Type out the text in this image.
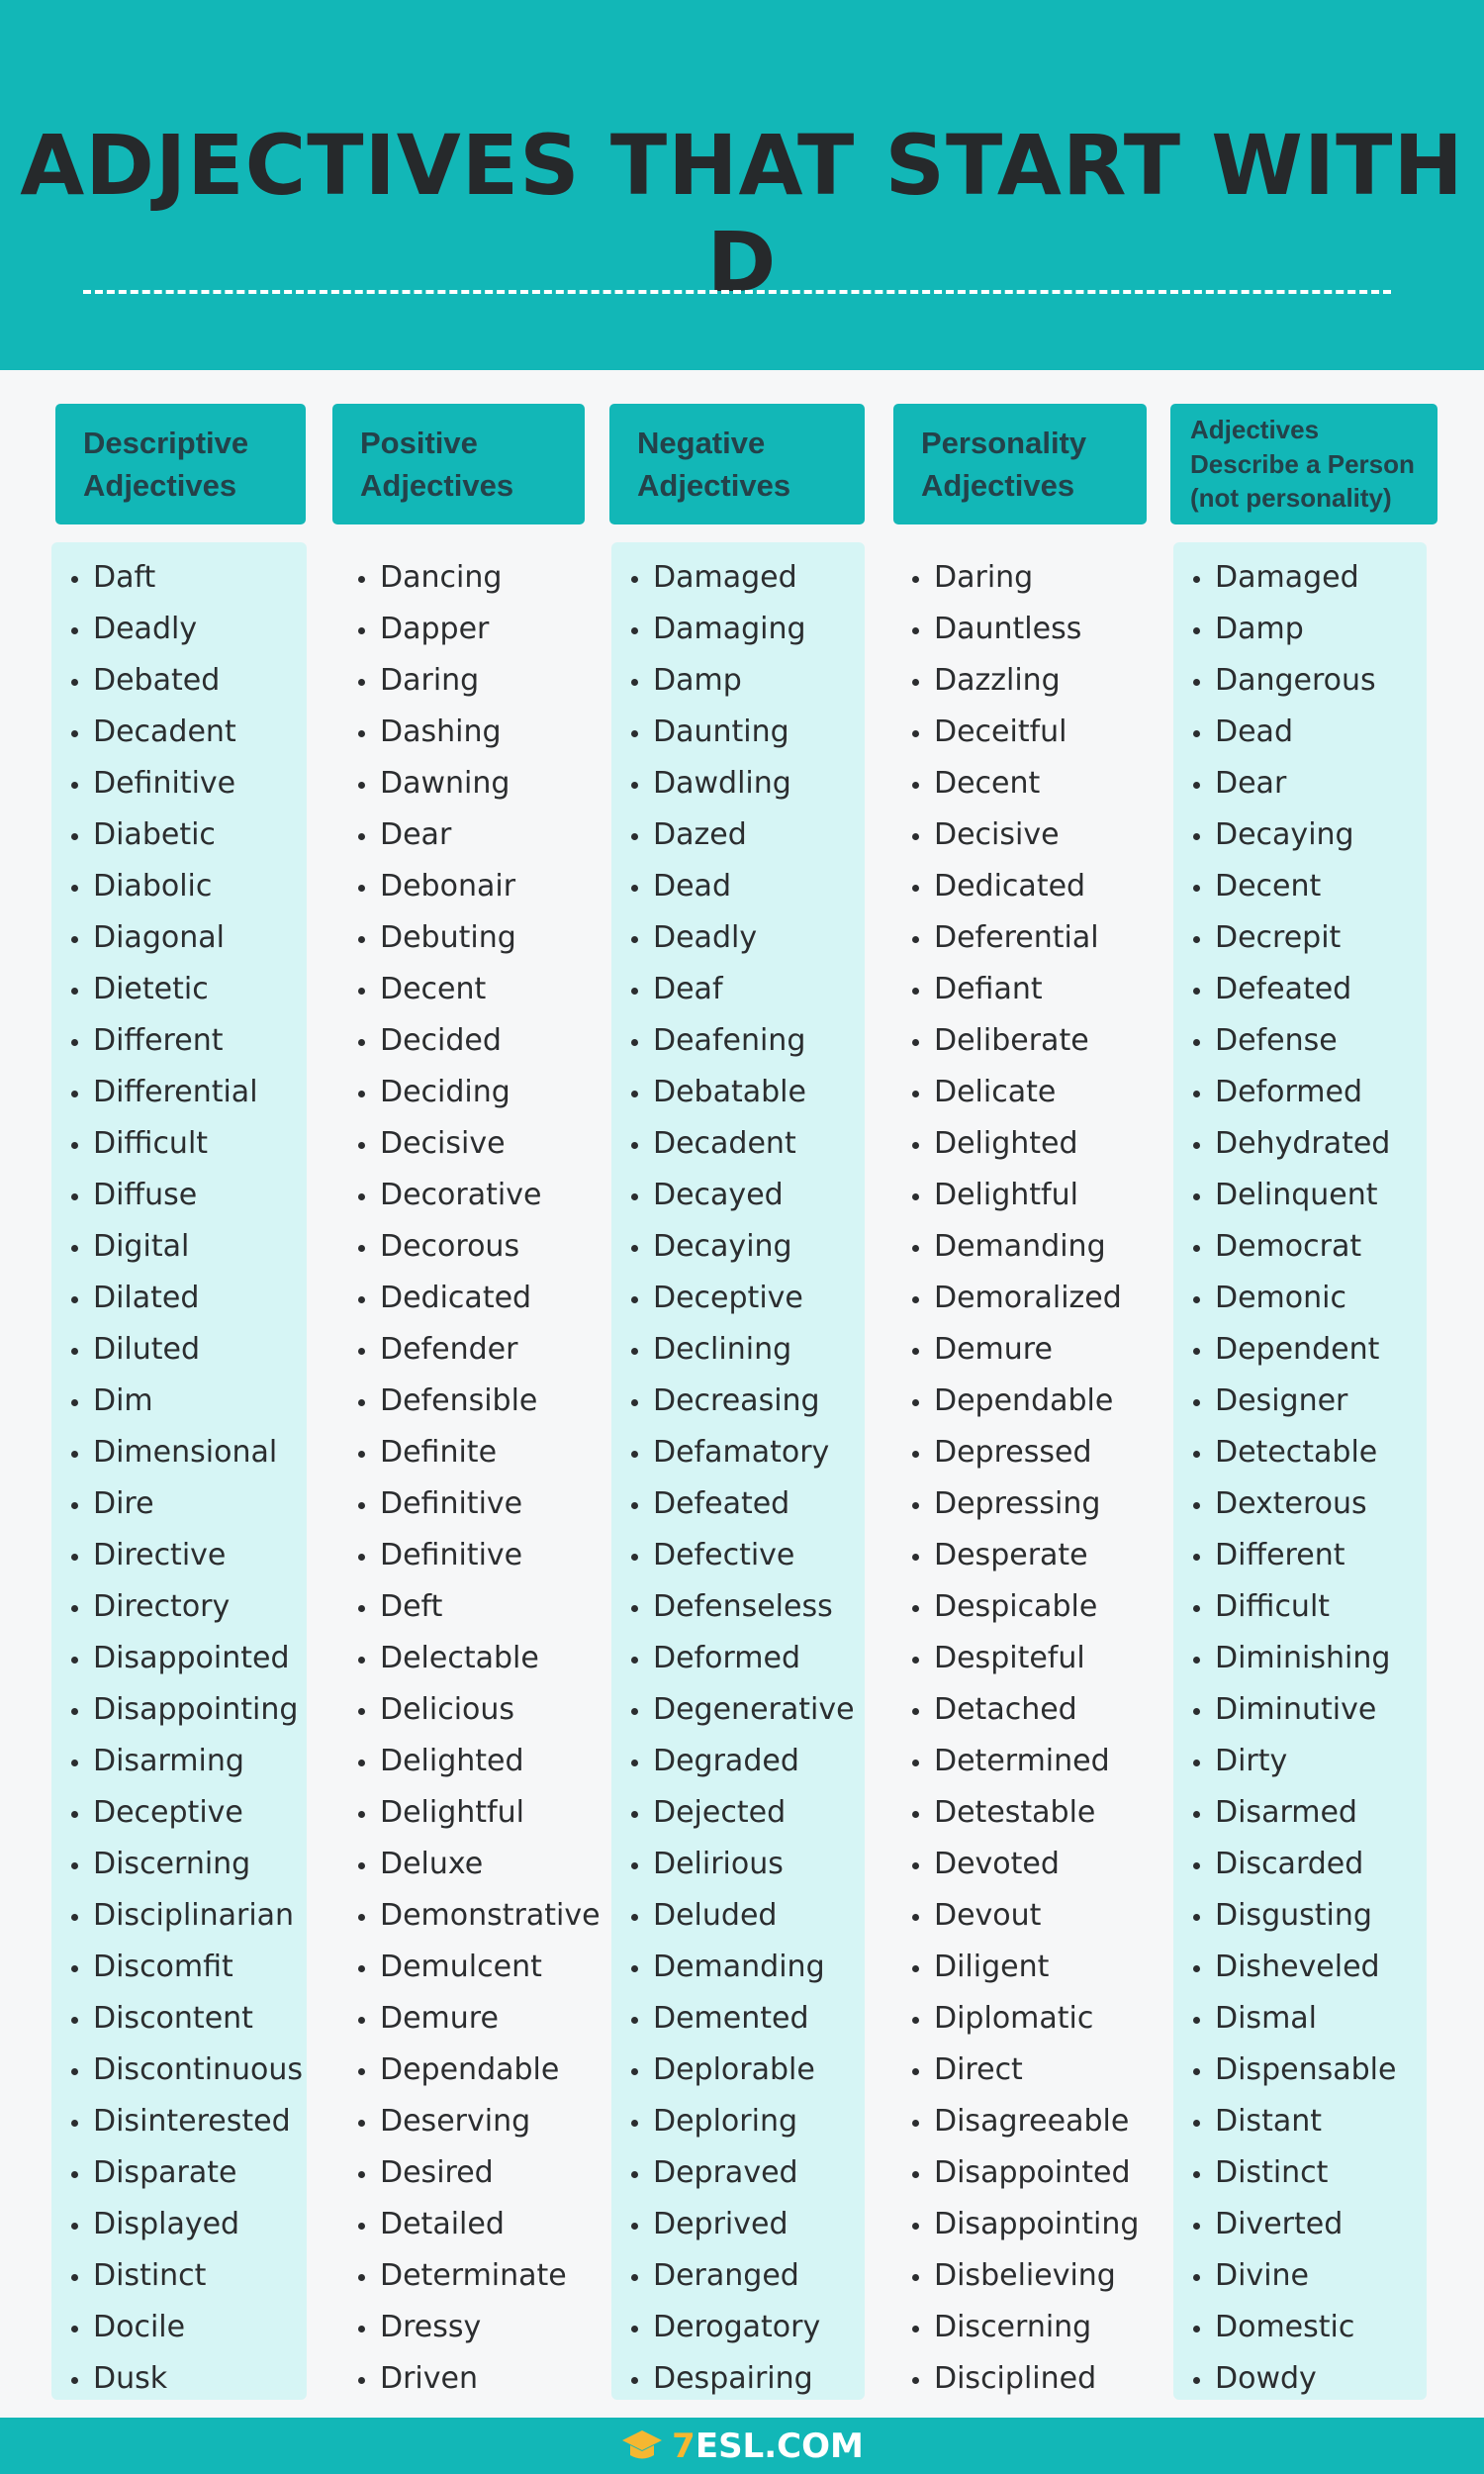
ADJECTIVES THAT START WITH D
Descriptive
Adjectives
Positive
Adjectives
Negative
Adjectives
Personality
Adjectives
Adjectives
Describe a Person
(not personality)
Daft
Deadly
Debated
Decadent
Definitive
Diabetic
Diabolic
Diagonal
Dietetic
Different
Differential
Difficult
Diffuse
Digital
Dilated
Diluted
Dim
Dimensional
Dire
Directive
Directory
Disappointed
Disappointing
Disarming
Deceptive
Discerning
Disciplinarian
Discomfit
Discontent
Discontinuous
Disinterested
Disparate
Displayed
Distinct
Docile
Dusk
Dancing
Dapper
Daring
Dashing
Dawning
Dear
Debonair
Debuting
Decent
Decided
Deciding
Decisive
Decorative
Decorous
Dedicated
Defender
Defensible
Definite
Definitive
Definitive
Deft
Delectable
Delicious
Delighted
Delightful
Deluxe
Demonstrative
Demulcent
Demure
Dependable
Deserving
Desired
Detailed
Determinate
Dressy
Driven
Damaged
Damaging
Damp
Daunting
Dawdling
Dazed
Dead
Deadly
Deaf
Deafening
Debatable
Decadent
Decayed
Decaying
Deceptive
Declining
Decreasing
Defamatory
Defeated
Defective
Defenseless
Deformed
Degenerative
Degraded
Dejected
Delirious
Deluded
Demanding
Demented
Deplorable
Deploring
Depraved
Deprived
Deranged
Derogatory
Despairing
Daring
Dauntless
Dazzling
Deceitful
Decent
Decisive
Dedicated
Deferential
Defiant
Deliberate
Delicate
Delighted
Delightful
Demanding
Demoralized
Demure
Dependable
Depressed
Depressing
Desperate
Despicable
Despiteful
Detached
Determined
Detestable
Devoted
Devout
Diligent
Diplomatic
Direct
Disagreeable
Disappointed
Disappointing
Disbelieving
Discerning
Disciplined
Damaged
Damp
Dangerous
Dead
Dear
Decaying
Decent
Decrepit
Defeated
Defense
Deformed
Dehydrated
Delinquent
Democrat
Demonic
Dependent
Designer
Detectable
Dexterous
Different
Difficult
Diminishing
Diminutive
Dirty
Disarmed
Discarded
Disgusting
Disheveled
Dismal
Dispensable
Distant
Distinct
Diverted
Divine
Domestic
Dowdy
7ESL.COM
